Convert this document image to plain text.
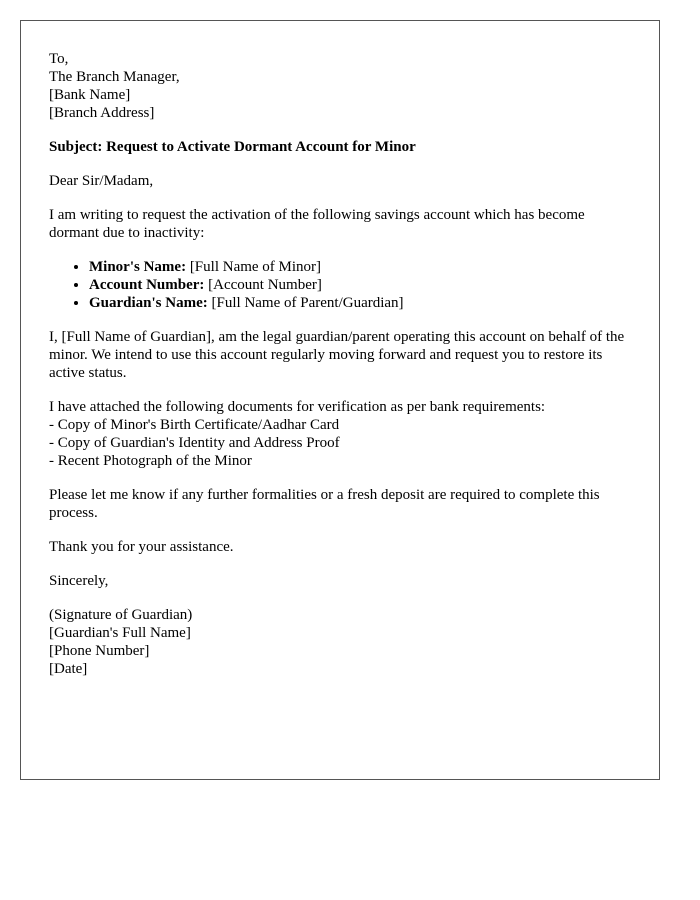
To,
The Branch Manager,
[Bank Name]
[Branch Address]
Subject: Request to Activate Dormant Account for Minor
Dear Sir/Madam,
I am writing to request the activation of the following savings account which has become dormant due to inactivity:
• Minor's Name: [Full Name of Minor]
• Account Number: [Account Number]
• Guardian's Name: [Full Name of Parent/Guardian]
I, [Full Name of Guardian], am the legal guardian/parent operating this account on behalf of the minor. We intend to use this account regularly moving forward and request you to restore its active status.
I have attached the following documents for verification as per bank requirements:
- Copy of Minor's Birth Certificate/Aadhar Card
- Copy of Guardian's Identity and Address Proof
- Recent Photograph of the Minor
Please let me know if any further formalities or a fresh deposit are required to complete this process.
Thank you for your assistance.
Sincerely,
(Signature of Guardian)
[Guardian's Full Name]
[Phone Number]
[Date]
